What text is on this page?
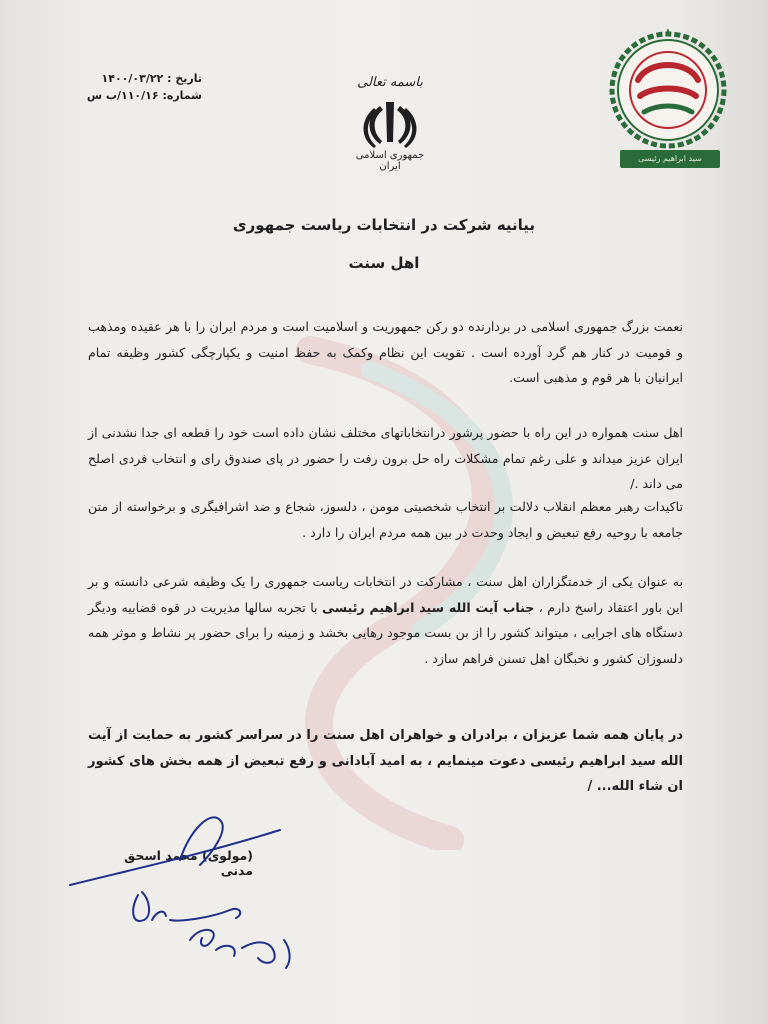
تاریخ : ۱۴۰۰/۰۳/۲۲
شماره: ۱۱۰/۱۶/ب س
باسمه تعالی
جمهوری اسلامی ایران
سید ابراهیم رئیسی
بیانیه شرکت در انتخابات ریاست جمهوری
اهل سنت
نعمت بزرگ جمهوری اسلامی در بردارنده دو رکن جمهوریت و اسلامیت است و مردم ایران را با هر عقیده ومذهب و قومیت در کنار هم گرد آورده است . تقویت این نظام وکمک به حفظ امنیت و یکپارچگی کشور وظیفه تمام ایرانیان با هر قوم و مذهبی است.
اهل سنت همواره در این راه با حضور پرشور درانتخاباتهای مختلف نشان داده است خود را قطعه ای جدا نشدنی از ایران عزیز میداند و علی رغم تمام مشکلات راه حل برون رفت را حضور در پای صندوق رای و انتخاب فردی اصلح می داند ./
تاکیدات رهبر معظم انقلاب دلالت بر انتخاب شخصیتی مومن ، دلسوز، شجاع و ضد اشرافیگری و برخواسته از متن جامعه با روحیه رفع تبعیض و ایجاد وحدت در بین همه مردم ایران را دارد .
به عنوان یکی از خدمتگزاران اهل سنت ، مشارکت در انتخابات ریاست جمهوری را یک وظیفه شرعی دانسته و بر این باور اعتقاد راسخ دارم ، جناب آیت الله سید ابراهیم رئیسی با تجربه سالها مدیریت در قوه قضاییه ودیگر دستگاه های اجرایی ، میتواند کشور را از بن بست موجود رهایی بخشد و زمینه را برای حضور پر نشاط و موثر همه دلسوزان کشور و نخبگان اهل تسنن فراهم سازد .
در پایان همه شما عزیزان ، برادران و خواهران اهل سنت را در سراسر کشور به حمایت از آیت الله سید ابراهیم رئیسی دعوت مینمایم ، به امید آبادانی و رفع تبعیض از همه بخش های کشور ان شاء الله... /
(مولوی) محمد اسحق مدنی
